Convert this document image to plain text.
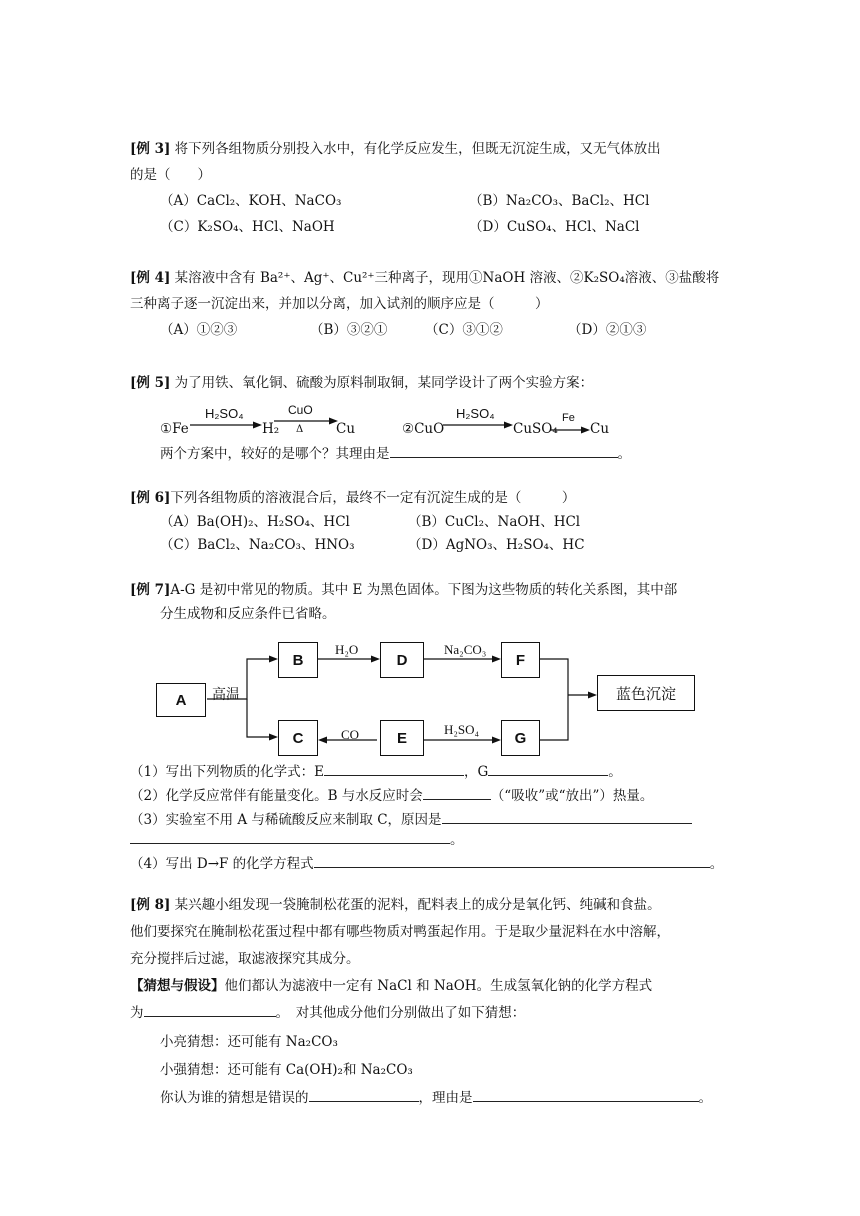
[例 3] 将下列各组物质分别投入水中，有化学反应发生，但既无沉淀生成，又无气体放出
的是（　　）
（A）CaCl₂、KOH、NaCO₃	（B）Na₂CO₃、BaCl₂、HCl
（C）K₂SO₄、HCl、NaOH	（D）CuSO₄、HCl、NaCl
[例 4] 某溶液中含有 Ba²⁺、Ag⁺、Cu²⁺三种离子，现用①NaOH 溶液、②K₂SO₄溶液、③盐酸将
三种离子逐一沉淀出来，并加以分离，加入试剂的顺序应是（　　　）
（A）①②③	（B）③②①	（C）③①②	（D）②①③
[例 5] 为了用铁、氧化铜、硫酸为原料制取铜，某同学设计了两个实验方案：
①Fe
H₂SO₄
H₂
CuO
Δ Cu	②CuO
H₂SO₄
CuSO₄
Fe
Cu
两个方案中，较好的是哪个？其理由是	。
[例 6]下列各组物质的溶液混合后，最终不一定有沉淀生成的是（　　　）
（A）Ba(OH)₂、H₂SO₄、HCl	（B）CuCl₂、NaOH、HCl
（C）BaCl₂、Na₂CO₃、HNO₃	（D）AgNO₃、H₂SO₄、HC
[例 7]A-G 是初中常见的物质。其中 E 为黑色固体。下图为这些物质的转化关系图，其中部
分生成物和反应条件已省略。
A
B	D	F
C	E	G
蓝色沉淀
高温
H₂O	Na₂CO₃
CO	H₂SO₄
（1）写出下列物质的化学式：E	，G	。
（2）化学反应常伴有能量变化。B 与水反应时会	（“吸收”或“放出”）热量。
（3）实验室不用 A 与稀硫酸反应来制取 C，原因是
。
（4）写出 D→F 的化学方程式	。
[例 8] 某兴趣小组发现一袋腌制松花蛋的泥料，配料表上的成分是氧化钙、纯碱和食盐。
他们要探究在腌制松花蛋过程中都有哪些物质对鸭蛋起作用。于是取少量泥料在水中溶解，
充分搅拌后过滤，取滤液探究其成分。
【猜想与假设】他们都认为滤液中一定有 NaCl 和 NaOH。生成氢氧化钠的化学方程式
为	。　对其他成分他们分别做出了如下猜想：
小亮猜想：还可能有 Na₂CO₃
小强猜想：还可能有 Ca(OH)₂和 Na₂CO₃
你认为谁的猜想是错误的	，理由是	。
